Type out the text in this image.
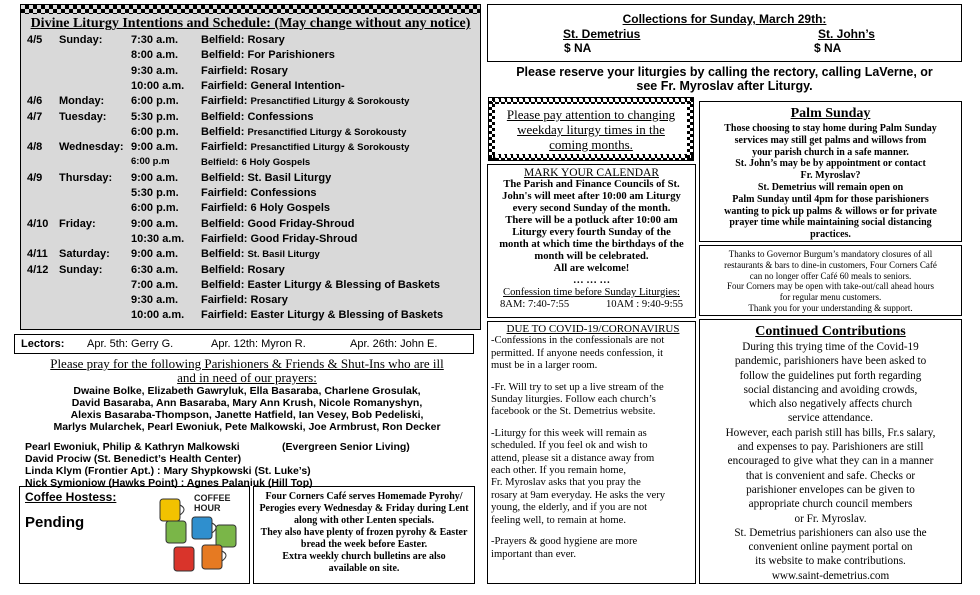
Divine Liturgy Intentions and Schedule: (May change without any notice)
4/5 Sunday:	7:30 a.m. Belfield: Rosary
8:00 a.m. Belfield: For Parishioners
9:30 a.m. Fairfield: Rosary
10:00 a.m. Fairfield: General Intention-
4/6 Monday: 6:00 p.m. Fairfield: Presanctified Liturgy & Sorokousty
4/7 Tuesday: 5:30 p.m. Belfield: Confessions
6:00 p.m. Belfield: Presanctified Liturgy & Sorokousty
4/8 Wednesday: 9:00 a.m. Fairfield: Presanctified Liturgy & Sorokousty
6:00 p.m	Belfield: 6 Holy Gospels
4/9 Thursday: 9:00 a.m. Belfield: St. Basil Liturgy
5:30 p.m. Fairfield: Confessions
6:00 p.m. Fairfield: 6 Holy Gospels
4/10 Friday:	9:00 a.m. Belfield: Good Friday-Shroud
10:30 a.m. Fairfield: Good Friday-Shroud
4/11 Saturday: 9:00 a.m. Belfield: St. Basil Liturgy
4/12 Sunday:	6:30 a.m. Belfield: Rosary
7:00 a.m. Belfield: Easter Liturgy & Blessing of Baskets
9:30 a.m. Fairfield: Rosary
10:00 a.m. Fairfield: Easter Liturgy & Blessing of Baskets
Lectors: Apr. 5th: Gerry G.	Apr. 12th: Myron R.	Apr. 26th: John E.
Please pray for the following Parishioners & Friends & Shut-Ins who are ill
and in need of our prayers:
Dwaine Bolke, Elizabeth Gawryluk, Ella Basaraba, Charlene Grosulak,
David Basaraba, Ann Basaraba, Mary Ann Krush, Nicole Romanyshyn,
Alexis Basaraba-Thompson, Janette Hatfield, Ian Vesey, Bob Pedeliski,
Marlys Mularchek, Pearl Ewoniuk, Pete Malkowski, Joe Armbrust, Ron Decker
Pearl Ewoniuk, Philip & Kathryn Malkowski	(Evergreen Senior Living)
David Prociw (St. Benedict’s Health Center)
Linda Klym (Frontier Apt.) : Mary Shypkowski (St. Luke’s)
Nick Symioniow (Hawks Point) : Agnes Palaniuk (Hill Top)
Coffee Hostess:
Pending
COFFEE
HOUR
Four Corners Café serves Homemade Pyrohy/
Perogies every Wednesday & Friday during Lent
along with other Lenten specials.
They also have plenty of frozen pyrohy & Easter
bread the week before Easter.
Extra weekly church bulletins are also
available on site.
Collections for Sunday, March 29th:
St. Demetrius	St. John’s
$ NA	$ NA
Please reserve your liturgies by calling the rectory, calling LaVerne, or
see Fr. Myroslav after Liturgy.
Please pay attention to changing
weekday liturgy times in the
coming months.
MARK YOUR CALENDAR
The Parish and Finance Councils of St.
John's will meet after 10:00 am Liturgy
every second Sunday of the month.
There will be a potluck after 10:00 am
Liturgy every fourth Sunday of the
month at which time the birthdays of the
month will be celebrated.
All are welcome!
… … …
Confession time before Sunday Liturgies:
8AM: 7:40-7:55	10AM : 9:40-9:55
Palm Sunday
Those choosing to stay home during Palm Sunday
services may still get palms and willows from
your parish church in a safe manner.
St. John’s may be by appointment or contact
Fr. Myroslav?
St. Demetrius will remain open on
Palm Sunday until 4pm for those parishioners
wanting to pick up palms & willows or for private
prayer time while maintaining social distancing
practices.
Thanks to Governor Burgum’s mandatory closures of all
restaurants & bars to dine-in customers, Four Corners Café
can no longer offer Café 60 meals to seniors.
Four Corners may be open with take-out/call ahead hours
for regular menu customers.
Thank you for your understanding & support.
DUE TO COVID-19/CORONAVIRUS
-Confessions in the confessionals are not
permitted. If anyone needs confession, it
must be in a larger room.
-Fr. Will try to set up a live stream of the
Sunday liturgies. Follow each church’s
facebook or the St. Demetrius website.
-Liturgy for this week will remain as
scheduled. If you feel ok and wish to
attend, please sit a distance away from
each other. If you remain home,
Fr. Myroslav asks that you pray the
rosary at 9am everyday. He asks the very
young, the elderly, and if you are not
feeling well, to remain at home.
-Prayers & good hygiene are more
important than ever.
Continued Contributions
During this trying time of the Covid-19
pandemic, parishioners have been asked to
follow the guidelines put forth regarding
social distancing and avoiding crowds,
which also negatively affects church
service attendance.
However, each parish still has bills, Fr.s salary,
and expenses to pay. Parishioners are still
encouraged to give what they can in a manner
that is convenient and safe. Checks or
parishioner envelopes can be given to
appropriate church council members
or Fr. Myroslav.
St. Demetrius parishioners can also use the
convenient online payment portal on
its website to make contributions.
www.saint-demetrius.com
